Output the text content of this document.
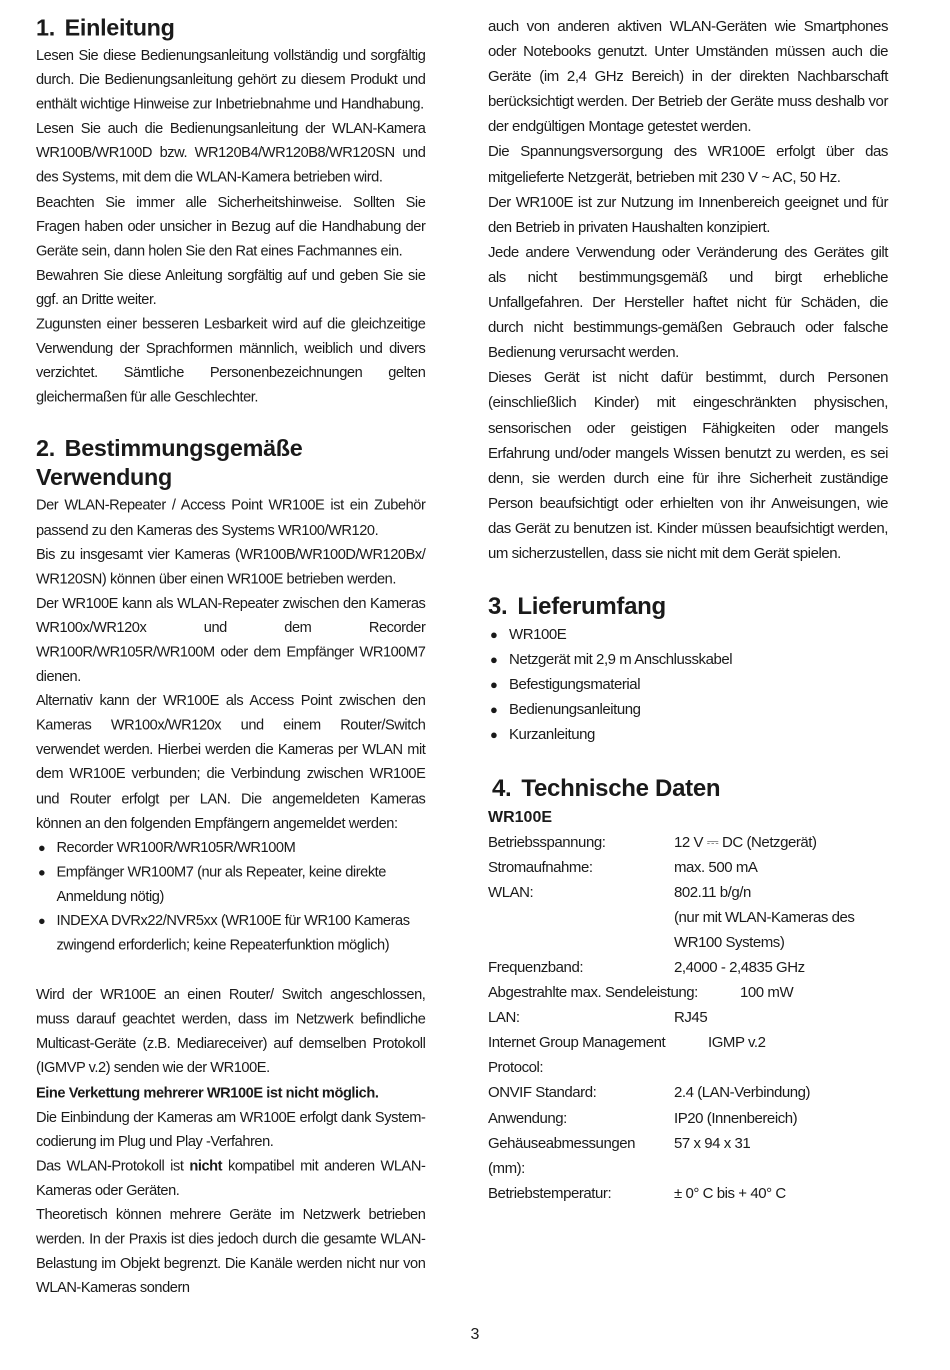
1. Einleitung

Lesen Sie diese Bedienungsanleitung vollständig und sorgfältig durch. Die Bedienungsanleitung gehört zu diesem Produkt und enthält wichtige Hinweise zur Inbetriebnahme und Handhabung.

Lesen Sie auch die Bedienungsanleitung der WLAN-Kamera WR100B/WR100D bzw. WR120B4/WR120B8/WR120SN und des Systems, mit dem die WLAN-Kamera betrieben wird.

Beachten Sie immer alle Sicherheitshinweise. Sollten Sie Fragen haben oder unsicher in Bezug auf die Handhabung der Geräte sein, dann holen Sie den Rat eines Fachmannes ein.

Bewahren Sie diese Anleitung sorgfältig auf und geben Sie sie ggf. an Dritte weiter.

Zugunsten einer besseren Lesbarkeit wird auf die gleichzeitige Verwendung der Sprachformen männlich, weiblich und divers verzichtet. Sämtliche Personenbezeichnungen gelten gleichermaßen für alle Geschlechter.

2. Bestimmungsgemäße Verwendung

Der WLAN-Repeater / Access Point WR100E ist ein Zubehör passend zu den Kameras des Systems WR100/WR120.

Bis zu insgesamt vier Kameras (WR100B/WR100D/WR120Bx/ WR120SN) können über einen WR100E betrieben werden.

Der WR100E kann als WLAN-Repeater zwischen den Kameras WR100x/WR120x und dem Recorder WR100R/WR105R/WR100M oder dem Empfänger WR100M7 dienen.

Alternativ kann der WR100E als Access Point zwischen den Kameras WR100x/WR120x und einem Router/Switch verwendet werden. Hierbei werden die Kameras per WLAN mit dem WR100E verbunden; die Verbindung zwischen WR100E und Router erfolgt per LAN. Die angemeldeten Kameras können an den folgenden Empfängern angemeldet werden:

● Recorder WR100R/WR105R/WR100M
● Empfänger WR100M7 (nur als Repeater, keine direkte Anmeldung nötig)
● INDEXA DVRx22/NVR5xx (WR100E für WR100 Kameras zwingend erforderlich; keine Repeaterfunktion möglich)

Wird der WR100E an einen Router/ Switch angeschlossen, muss darauf geachtet werden, dass im Netzwerk befindliche Multicast-Geräte (z.B. Mediareceiver) auf demselben Protokoll (IGMVP v.2) senden wie der WR100E.

Eine Verkettung mehrerer WR100E ist nicht möglich.

Die Einbindung der Kameras am WR100E erfolgt dank System-codierung im Plug und Play -Verfahren.

Das WLAN-Protokoll ist nicht kompatibel mit anderen WLAN-Kameras oder Geräten.

Theoretisch können mehrere Geräte im Netzwerk betrieben werden. In der Praxis ist dies jedoch durch die gesamte WLAN-Belastung im Objekt begrenzt. Die Kanäle werden nicht nur von WLAN-Kameras sondern

auch von anderen aktiven WLAN-Geräten wie Smartphones oder Notebooks genutzt. Unter Umständen müssen auch die Geräte (im 2,4 GHz Bereich) in der direkten Nachbarschaft berücksichtigt werden. Der Betrieb der Geräte muss deshalb vor der endgültigen Montage getestet werden.

Die Spannungsversorgung des WR100E erfolgt über das mitgelieferte Netzgerät, betrieben mit 230 V ~ AC, 50 Hz.

Der WR100E ist zur Nutzung im Innenbereich geeignet und für den Betrieb in privaten Haushalten konzipiert.

Jede andere Verwendung oder Veränderung des Gerätes gilt als nicht bestimmungsgemäß und birgt erhebliche Unfallgefahren. Der Hersteller haftet nicht für Schäden, die durch nicht bestimmungs-gemäßen Gebrauch oder falsche Bedienung verursacht werden.

Dieses Gerät ist nicht dafür bestimmt, durch Personen (einschließlich Kinder) mit eingeschränkten physischen, sensorischen oder geistigen Fähigkeiten oder mangels Erfahrung und/oder mangels Wissen benutzt zu werden, es sei denn, sie werden durch eine für ihre Sicherheit zuständige Person beaufsichtigt oder erhielten von ihr Anweisungen, wie das Gerät zu benutzen ist. Kinder müssen beaufsichtigt werden, um sicherzustellen, dass sie nicht mit dem Gerät spielen.

3. Lieferumfang
● WR100E
● Netzgerät mit 2,9 m Anschlusskabel
● Befestigungsmaterial
● Bedienungsanleitung
● Kurzanleitung
4. Technische Daten
WR100E
Betriebsspannung:	12 V ⎓ DC (Netzgerät)
Stromaufnahme:	max. 500 mA
WLAN:	802.11 b/g/n
(nur mit WLAN-Kameras des
WR100 Systems)
Frequenzband:	2,4000 - 2,4835 GHz
Abgestrahlte max. Sendeleistung:	100 mW
LAN:	RJ45
Internet Group Management Protocol:
IGMP v.2
ONVIF Standard:	2.4 (LAN-Verbindung)
Anwendung:	IP20 (Innenbereich)
Gehäuseabmessungen (mm):
57 x 94 x 31
Betriebstemperatur:	± 0° C bis + 40° C
3
